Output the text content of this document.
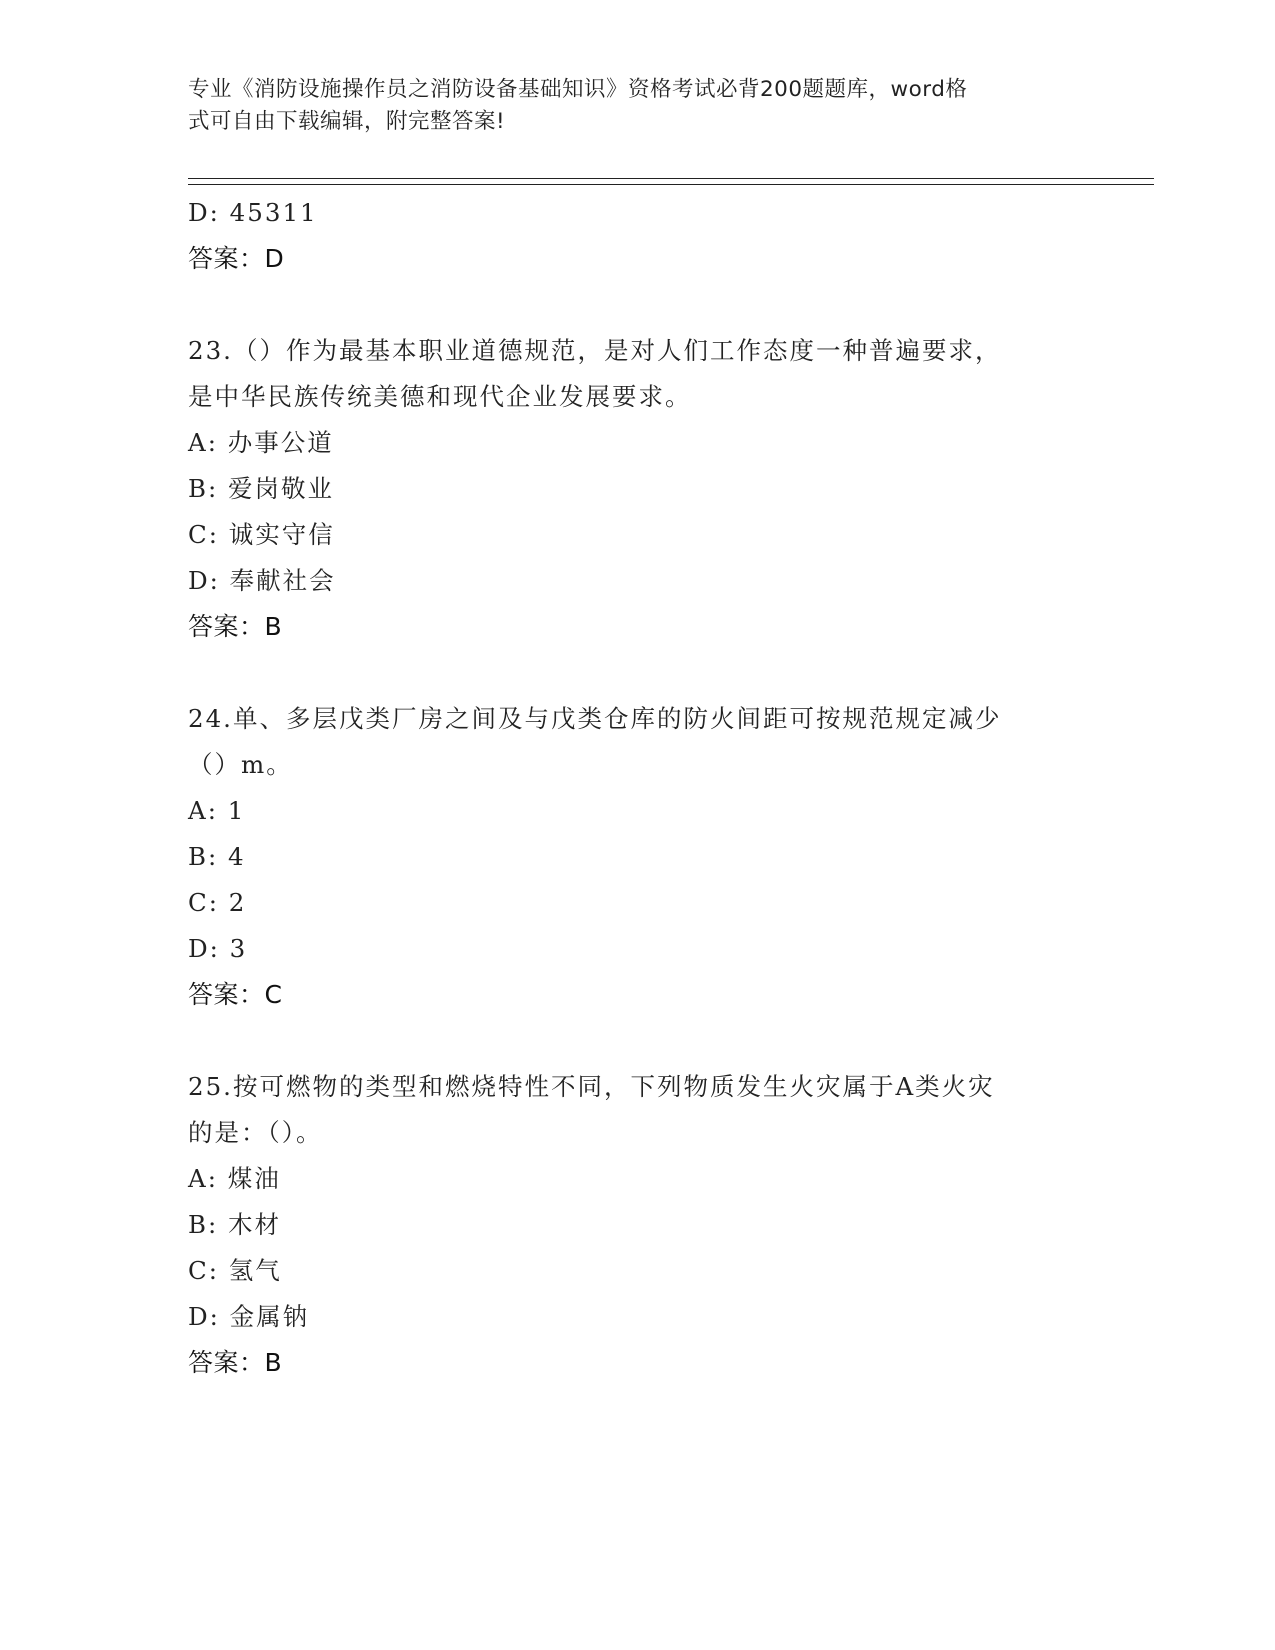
专业《消防设施操作员之消防设备基础知识》资格考试必背200题题库，word格
式可自由下载编辑，附完整答案!
D: 45311
答案：D
23.（）作为最基本职业道德规范，是对人们工作态度一种普遍要求，
是中华民族传统美德和现代企业发展要求。
A: 办事公道
B: 爱岗敬业
C: 诚实守信
D: 奉献社会
答案：B
24.单、多层戊类厂房之间及与戊类仓库的防火间距可按规范规定减少
（）m。
A: 1
B: 4
C: 2
D: 3
答案：C
25.按可燃物的类型和燃烧特性不同，下列物质发生火灾属于A类火灾
的是：（）。
A: 煤油
B: 木材
C: 氢气
D: 金属钠
答案：B
